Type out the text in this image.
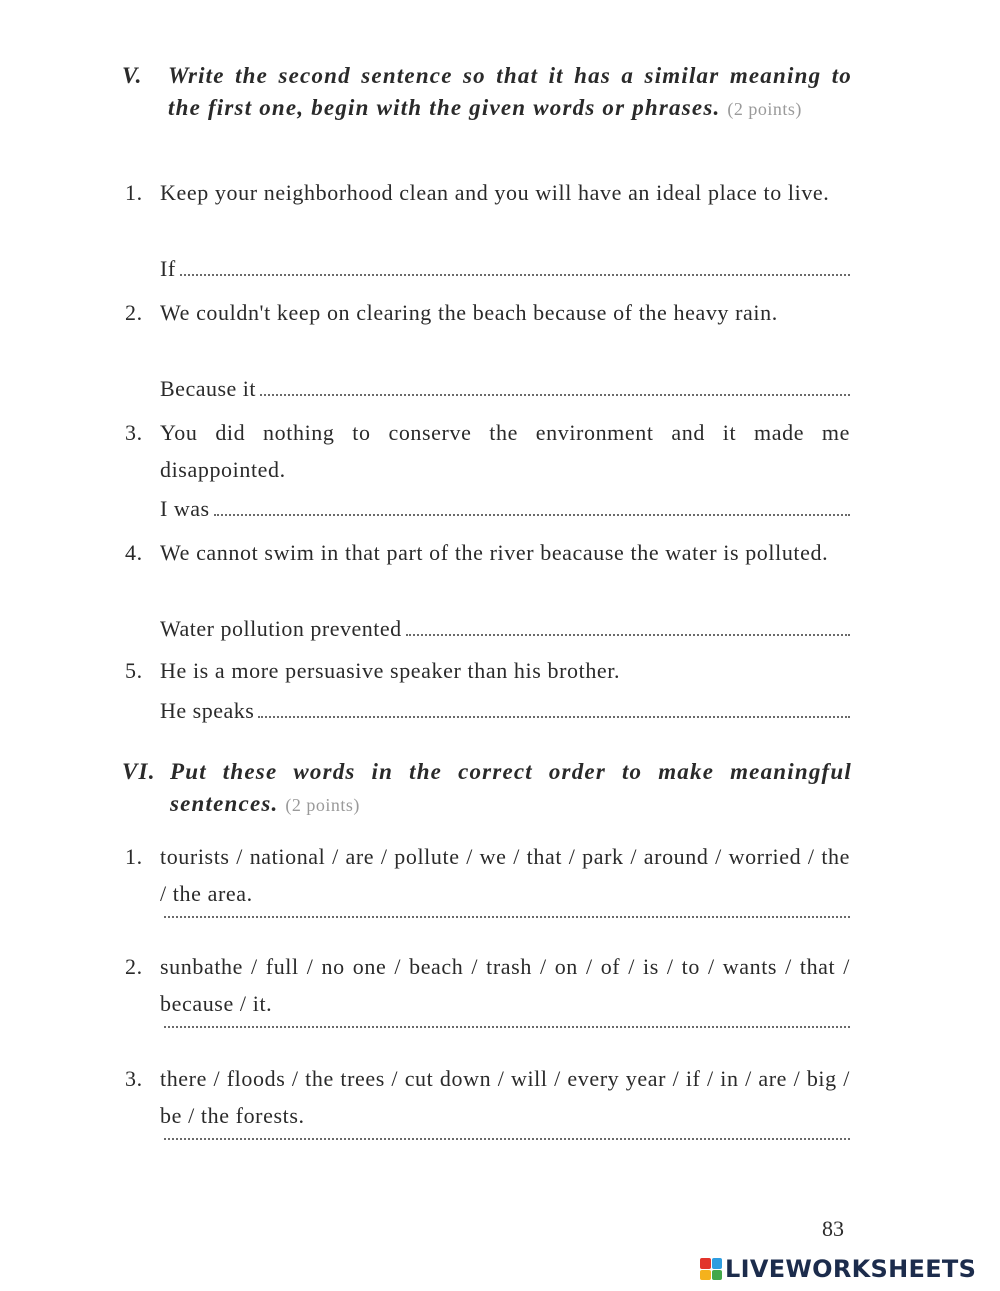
V.	Write the second sentence so that it has a similar meaning to the first one, begin with the given words or phrases. (2 points)
1. Keep your neighborhood clean and you will have an ideal place to live.
If
2. We couldn't keep on clearing the beach because of the heavy rain.
Because it
3. You did nothing to conserve the environment and it made me disappointed.
I was
4. We cannot swim in that part of the river beacause the water is polluted.
Water pollution prevented
5. He is a more persuasive speaker than his brother.
He speaks
VI. Put these words in the correct order to make meaningful sentences. (2 points)
1. tourists / national / are / pollute / we / that / park / around / worried / the / the area.
2. sunbathe / full / no one / beach / trash / on / of / is / to / wants / that / because / it.
3. there / floods / the trees / cut down / will / every year / if / in / are / big / be / the forests.
83
LIVEWORKSHEETS
